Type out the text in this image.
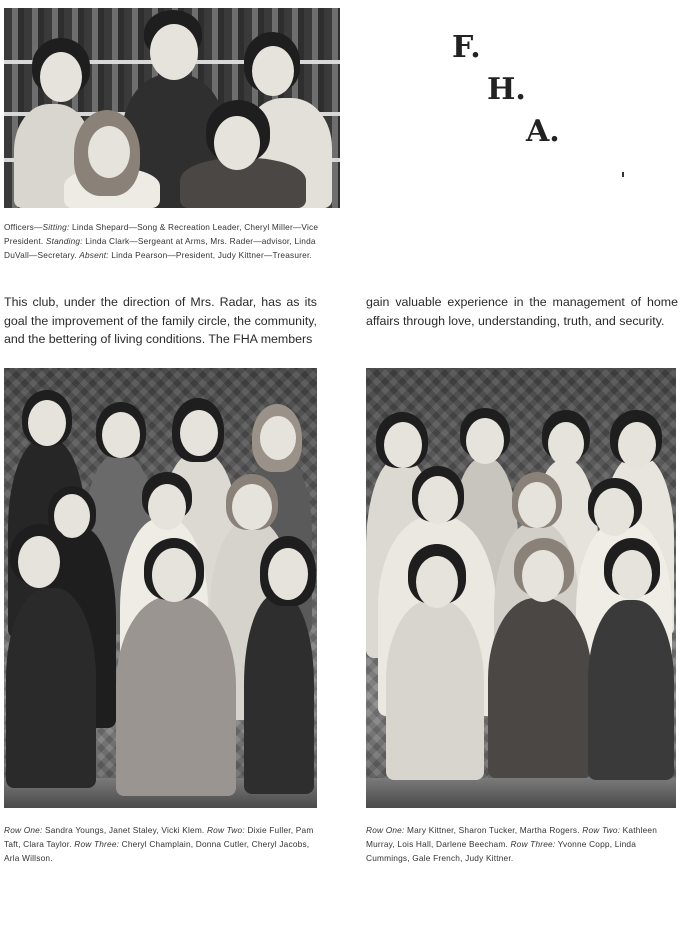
F.
H.
A.
Officers—Sitting: Linda Shepard—Song & Recreation Leader, Cheryl Miller—Vice President. Standing: Linda Clark—Sergeant at Arms, Mrs. Rader—advisor, Linda DuVall—Secretary. Absent: Linda Pearson—President, Judy Kittner—Treasurer.
This club, under the direction of Mrs. Radar, has as its goal the improvement of the family circle, the community, and the bettering of living conditions. The FHA members
gain valuable experience in the management of home affairs through love, understanding, truth, and security.
Row One: Sandra Youngs, Janet Staley, Vicki Klem. Row Two: Dixie Fuller, Pam Taft, Clara Taylor. Row Three: Cheryl Champlain, Donna Cutler, Cheryl Jacobs, Arla Willson.
Row One: Mary Kittner, Sharon Tucker, Martha Rogers. Row Two: Kathleen Murray, Lois Hall, Darlene Beecham. Row Three: Yvonne Copp, Linda Cummings, Gale French, Judy Kittner.
